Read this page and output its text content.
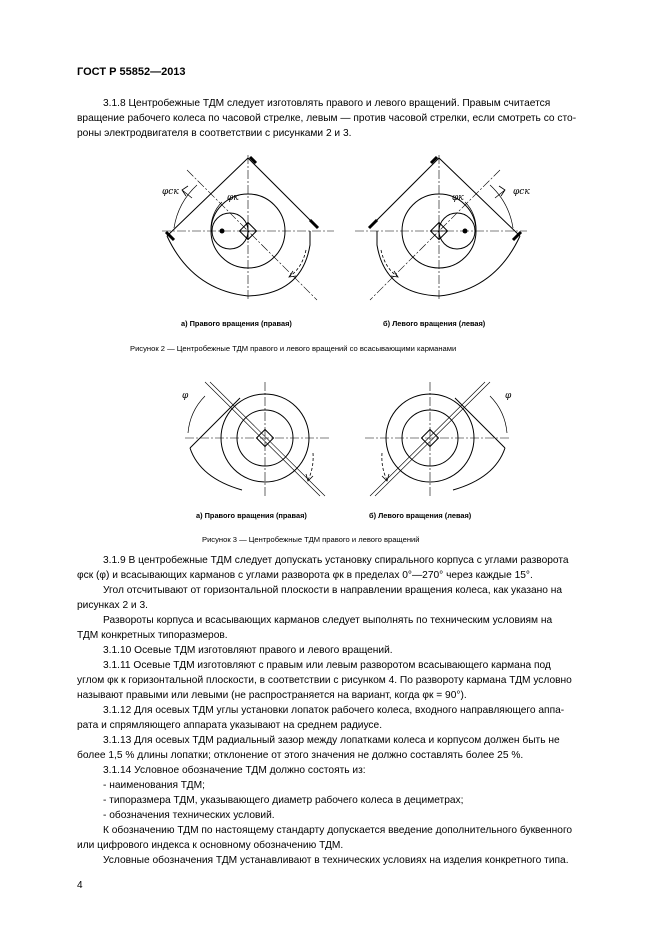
ГОСТ Р 55852—2013
3.1.8 Центробежные ТДМ следует изготовлять правого и левого вращений. Правым считается
вращение рабочего колеса по часовой стрелке, левым — против часовой стрелки, если смотреть со сто-
роны электродвигателя в соответствии с рисунками 2 и 3.
φск
φк
φск
φк
а) Правого вращения (правая)	б) Левого вращения (левая)
Рисунок 2 — Центробежные ТДМ правого и левого вращений со всасывающими карманами
φ	φ
а) Правого вращения (правая)	б) Левого вращения (левая)
Рисунок 3 — Центробежные ТДМ правого и левого вращений
3.1.9 В центробежные ТДМ следует допускать установку спирального корпуса с углами разворота
φск (φ) и всасывающих карманов с углами разворота φк в пределах 0°—270° через каждые 15°.
Угол отсчитывают от горизонтальной плоскости в направлении вращения колеса, как указано на
рисунках 2 и 3.
Развороты корпуса и всасывающих карманов следует выполнять по техническим условиям на
ТДМ конкретных типоразмеров.
3.1.10 Осевые ТДМ изготовляют правого и левого вращений.
3.1.11 Осевые ТДМ изготовляют с правым или левым разворотом всасывающего кармана под
углом φк к горизонтальной плоскости, в соответствии с рисунком 4. По развороту кармана ТДМ условно
называют правыми или левыми (не распространяется на вариант, когда φк = 90°).
3.1.12 Для осевых ТДМ углы установки лопаток рабочего колеса, входного направляющего аппа-
рата и спрямляющего аппарата указывают на среднем радиусе.
3.1.13 Для осевых ТДМ радиальный зазор между лопатками колеса и корпусом должен быть не
более 1,5 % длины лопатки; отклонение от этого значения не должно составлять более 25 %.
3.1.14 Условное обозначение ТДМ должно состоять из:
- наименования ТДМ;
- типоразмера ТДМ, указывающего диаметр рабочего колеса в дециметрах;
- обозначения технических условий.
К обозначению ТДМ по настоящему стандарту допускается введение дополнительного буквенного
или цифрового индекса к основному обозначению ТДМ.
Условные обозначения ТДМ устанавливают в технических условиях на изделия конкретного типа.
4
